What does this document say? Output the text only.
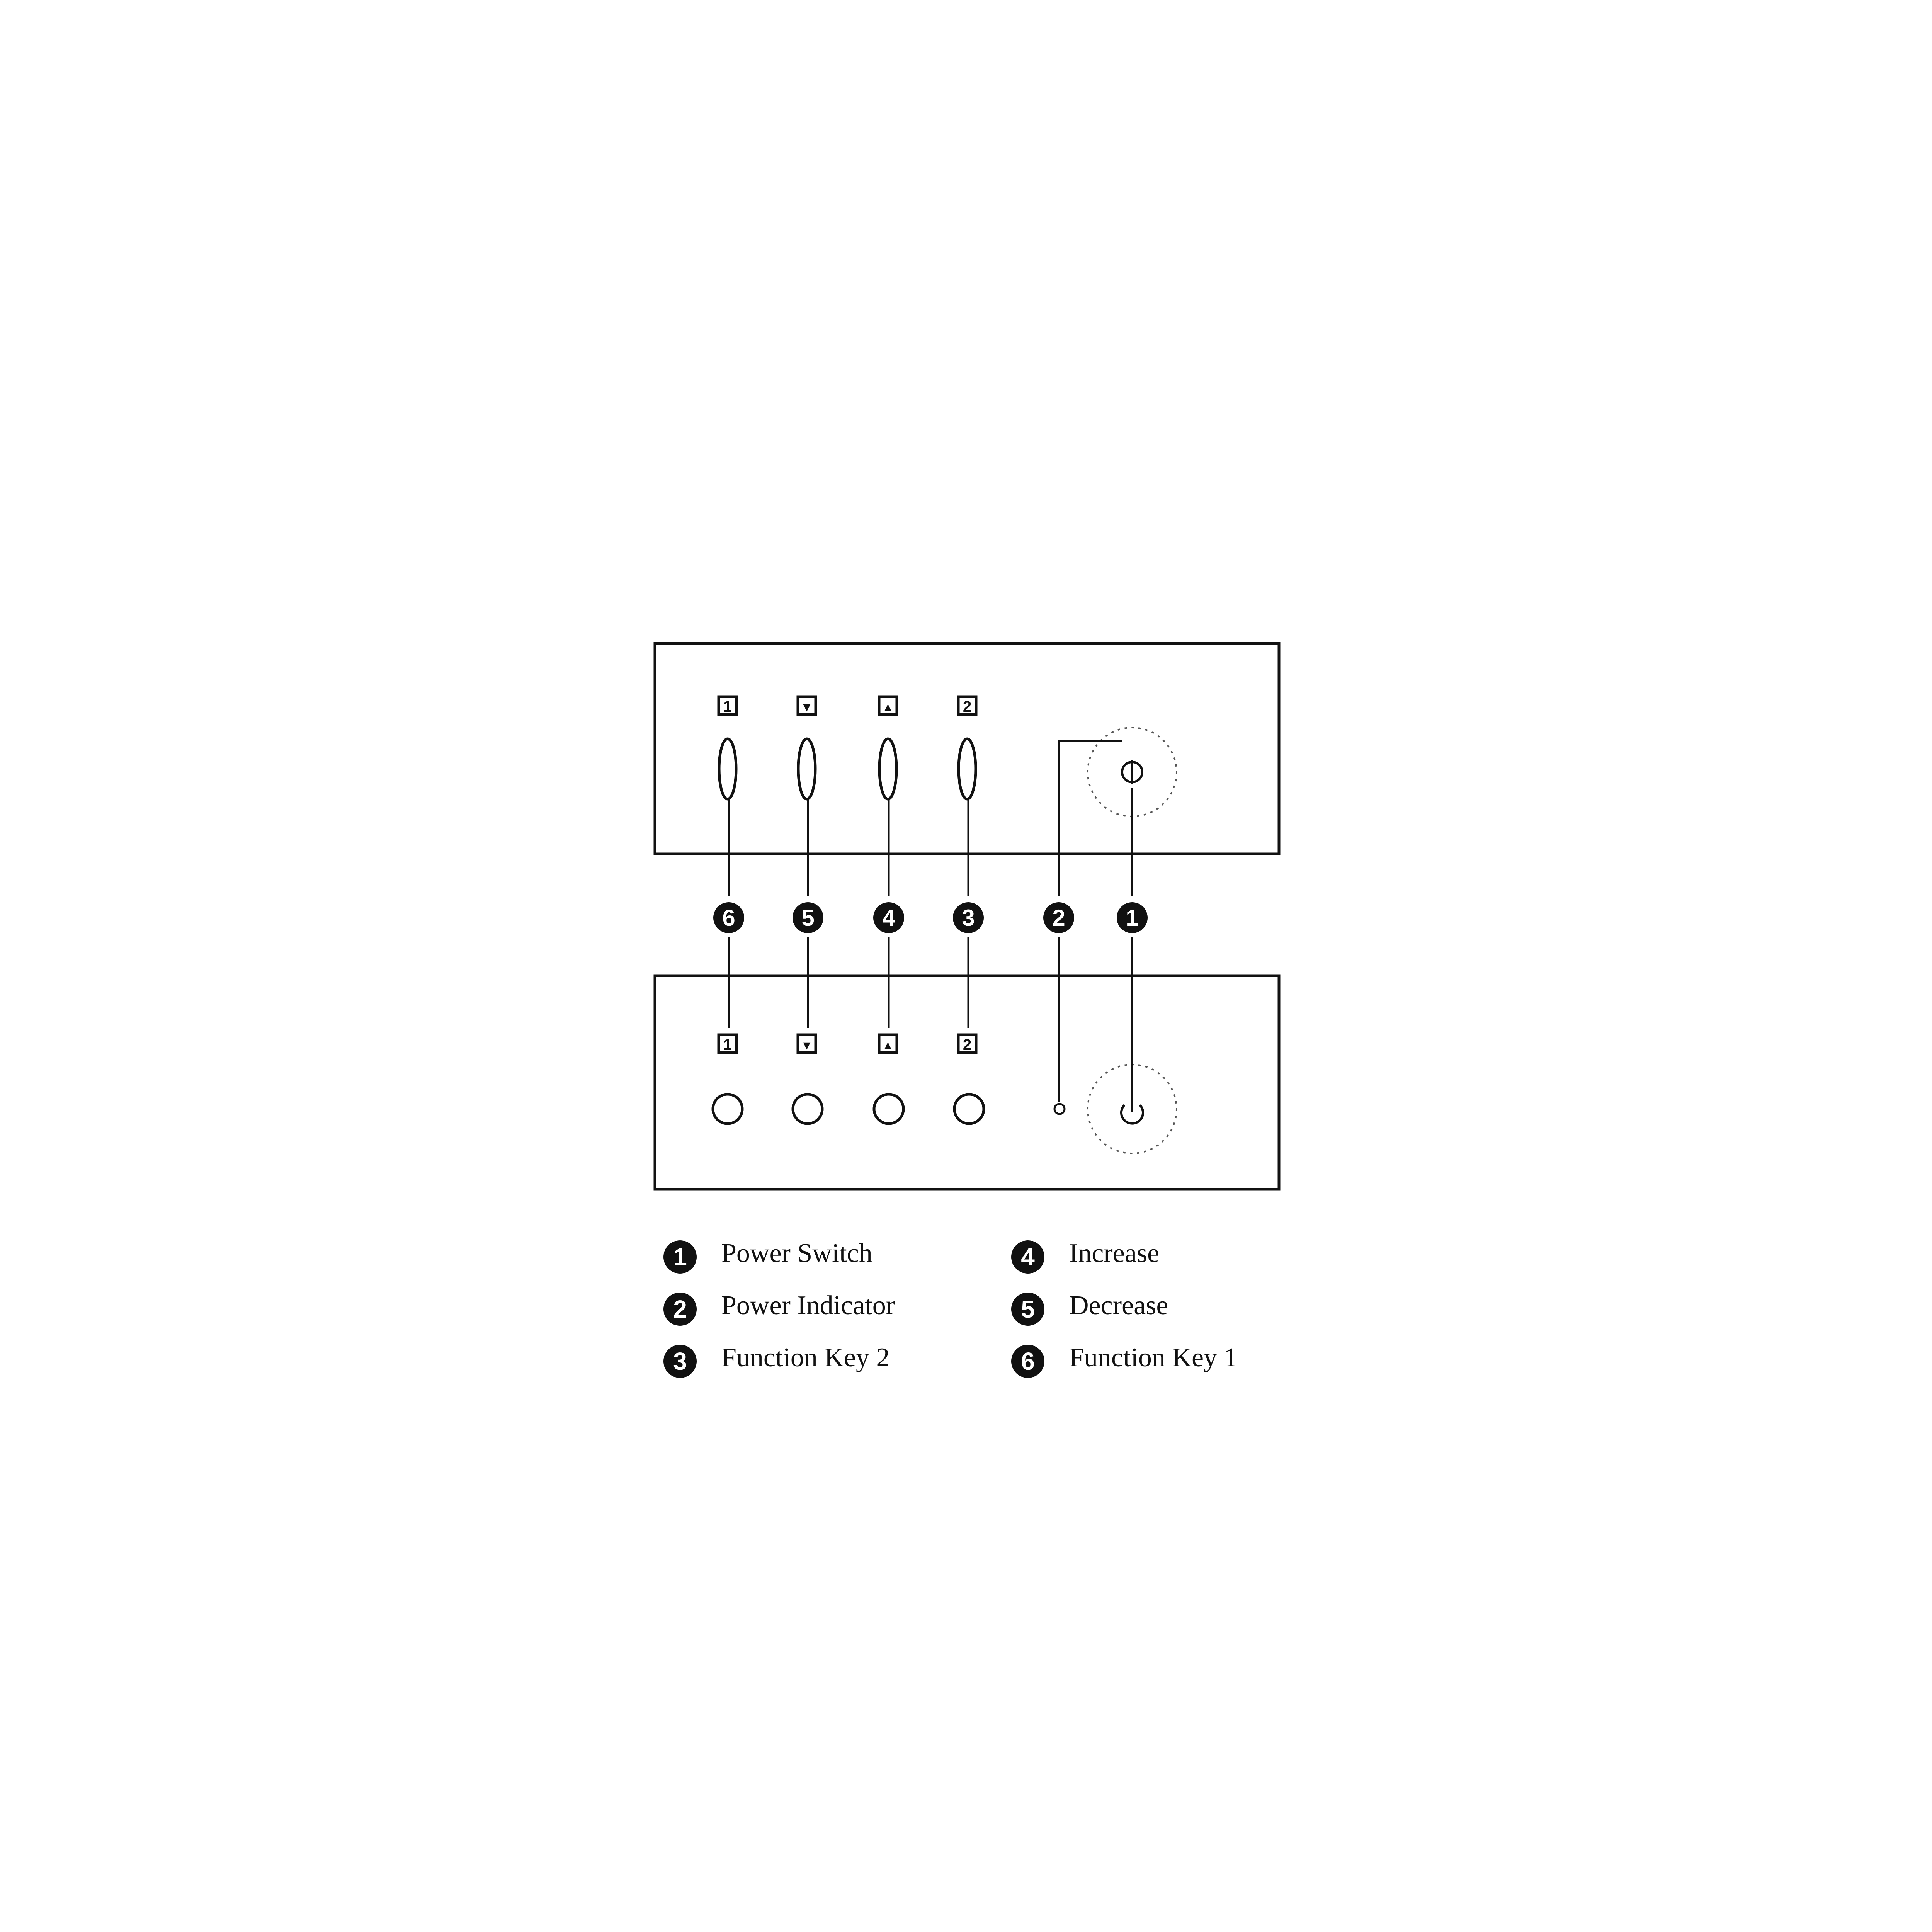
1	▼	▲	2
1	▼	▲	2
6	5	4	3	2	1
1	Power Switch
2	Power Indicator
3	Function Key 2
4	Increase
5	Decrease
6	Function Key 1
